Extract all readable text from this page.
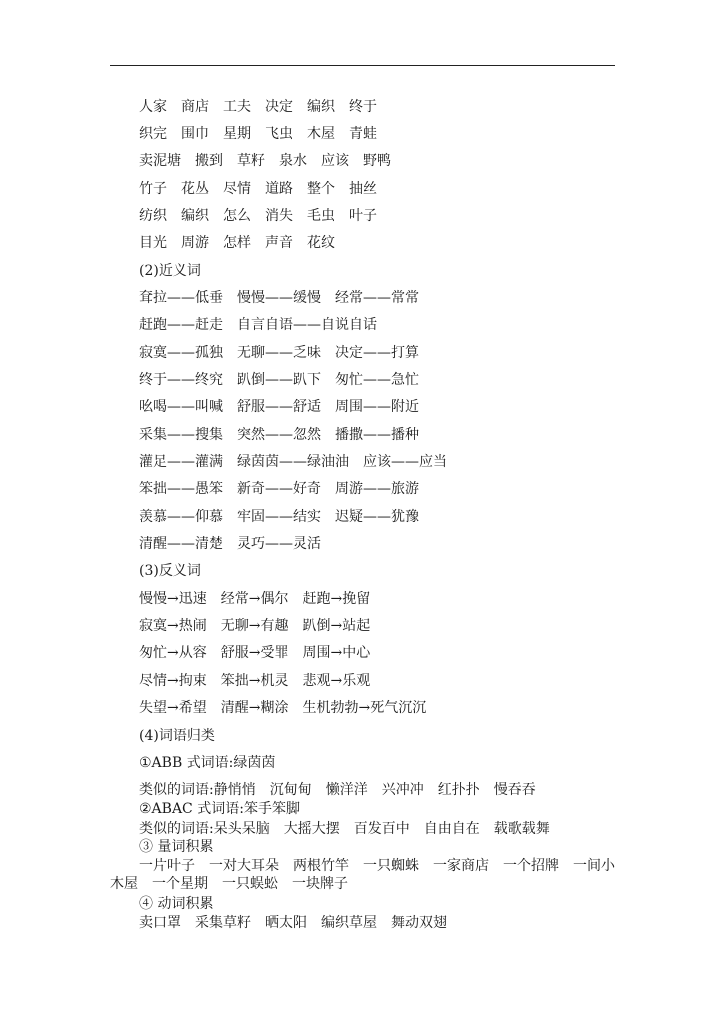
人家　商店　工夫　决定　编织　终于
织完　围巾　星期　飞虫　木屋　青蛙
卖泥塘　搬到　草籽　泉水　应该　野鸭
竹子　花丛　尽情　道路　整个　抽丝
纺织　编织　怎么　消失　毛虫　叶子
目光　周游　怎样　声音　花纹
(2)近义词
耷拉——低垂　慢慢——缓慢　经常——常常
赶跑——赶走　自言自语——自说自话
寂寞——孤独　无聊——乏味　决定——打算
终于——终究　趴倒——趴下　匆忙——急忙
吆喝——叫喊　舒服——舒适　周围——附近
采集——搜集　突然——忽然　播撒——播种
灌足——灌满　绿茵茵——绿油油　应该——应当
笨拙——愚笨　新奇——好奇　周游——旅游
羡慕——仰慕　牢固——结实　迟疑——犹豫
清醒——清楚　灵巧——灵活
(3)反义词
慢慢→迅速　经常→偶尔　赶跑→挽留
寂寞→热闹　无聊→有趣　趴倒→站起
匆忙→从容　舒服→受罪　周围→中心
尽情→拘束　笨拙→机灵　悲观→乐观
失望→希望　清醒→糊涂　生机勃勃→死气沉沉
(4)词语归类
①ABB 式词语:绿茵茵
类似的词语:静悄悄　沉甸甸　懒洋洋　兴冲冲　红扑扑　慢吞吞
②ABAC 式词语:笨手笨脚
类似的词语:呆头呆脑　大摇大摆　百发百中　自由自在　载歌载舞
③ 量词积累
一片叶子　一对大耳朵　两根竹竿　一只蜘蛛　一家商店　一个招牌　一间小木屋　一个星期　一只蜈蚣　一块牌子
④ 动词积累
卖口罩　采集草籽　晒太阳　编织草屋　舞动双翅
